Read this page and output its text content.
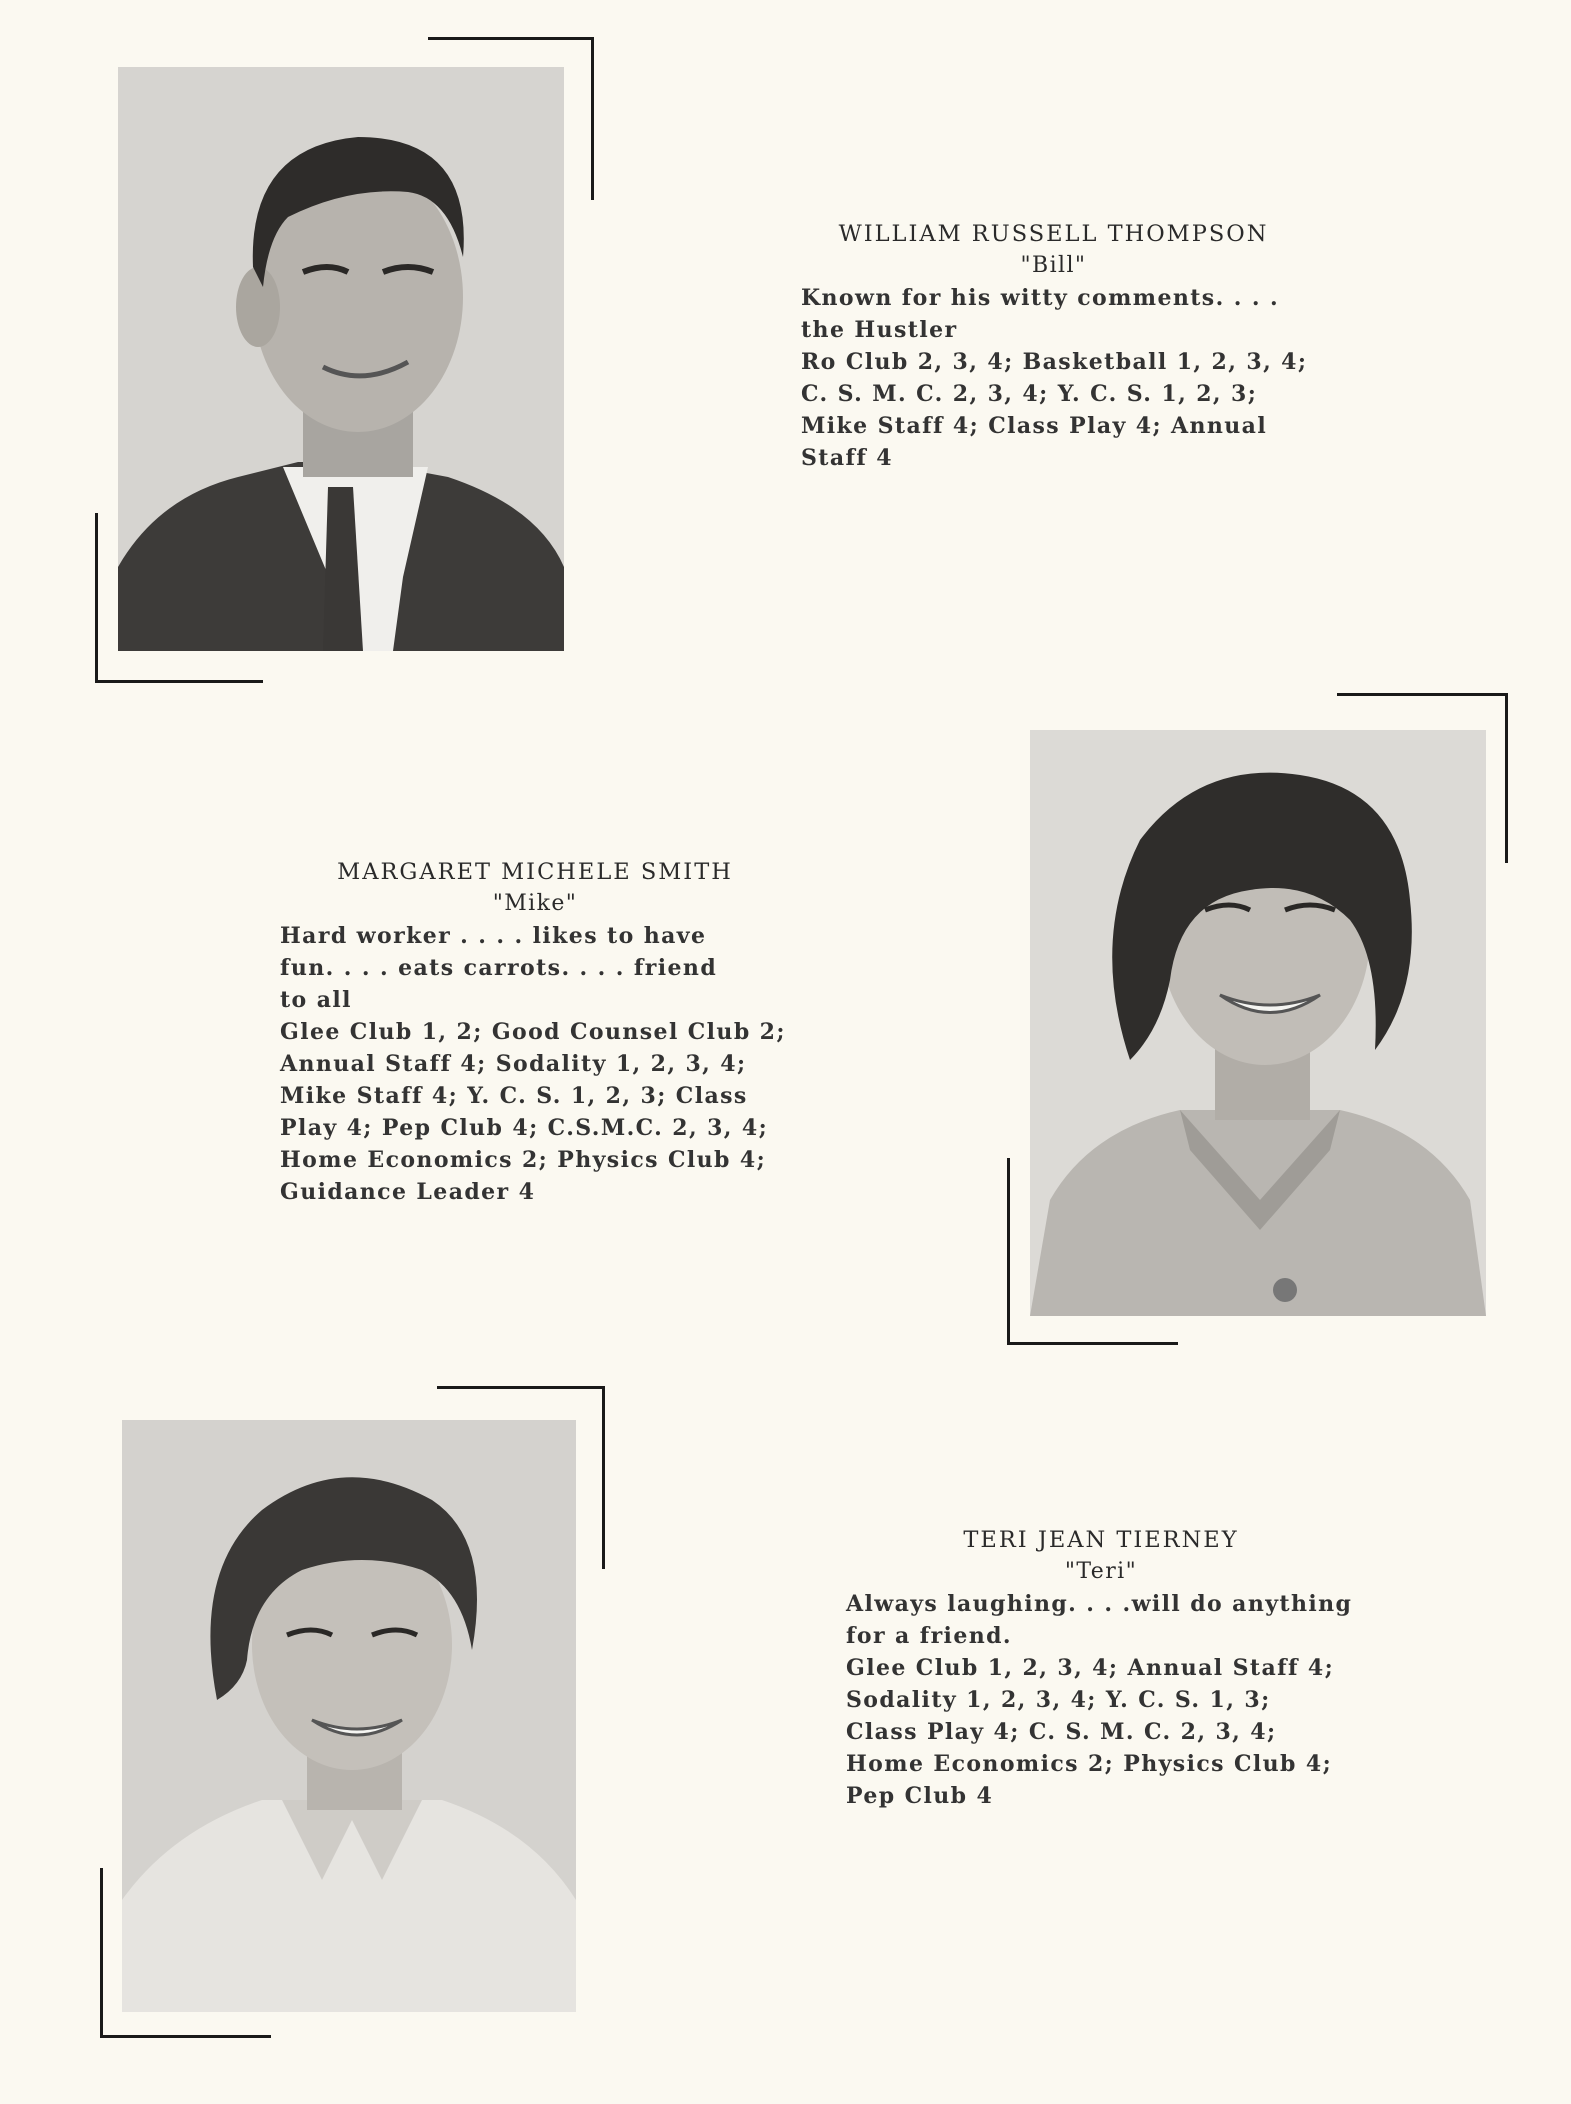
WILLIAM RUSSELL THOMPSON
"Bill"
Known for his witty comments. . . .
the Hustler
Ro Club 2, 3, 4; Basketball 1, 2, 3, 4;
C. S. M. C. 2, 3, 4; Y. C. S. 1, 2, 3;
Mike Staff 4; Class Play 4; Annual
Staff 4
MARGARET MICHELE SMITH
"Mike"
Hard worker . . . . likes to have
fun. . . . eats carrots. . . . friend
to all
Glee Club 1, 2; Good Counsel Club 2;
Annual Staff 4; Sodality 1, 2, 3, 4;
Mike Staff 4; Y. C. S. 1, 2, 3; Class
Play 4; Pep Club 4; C.S.M.C. 2, 3, 4;
Home Economics 2; Physics Club 4;
Guidance Leader 4
TERI JEAN TIERNEY
"Teri"
Always laughing. . . .will do anything
for a friend.
Glee Club 1, 2, 3, 4; Annual Staff 4;
Sodality 1, 2, 3, 4; Y. C. S. 1, 3;
Class Play 4; C. S. M. C. 2, 3, 4;
Home Economics 2; Physics Club 4;
Pep Club 4
